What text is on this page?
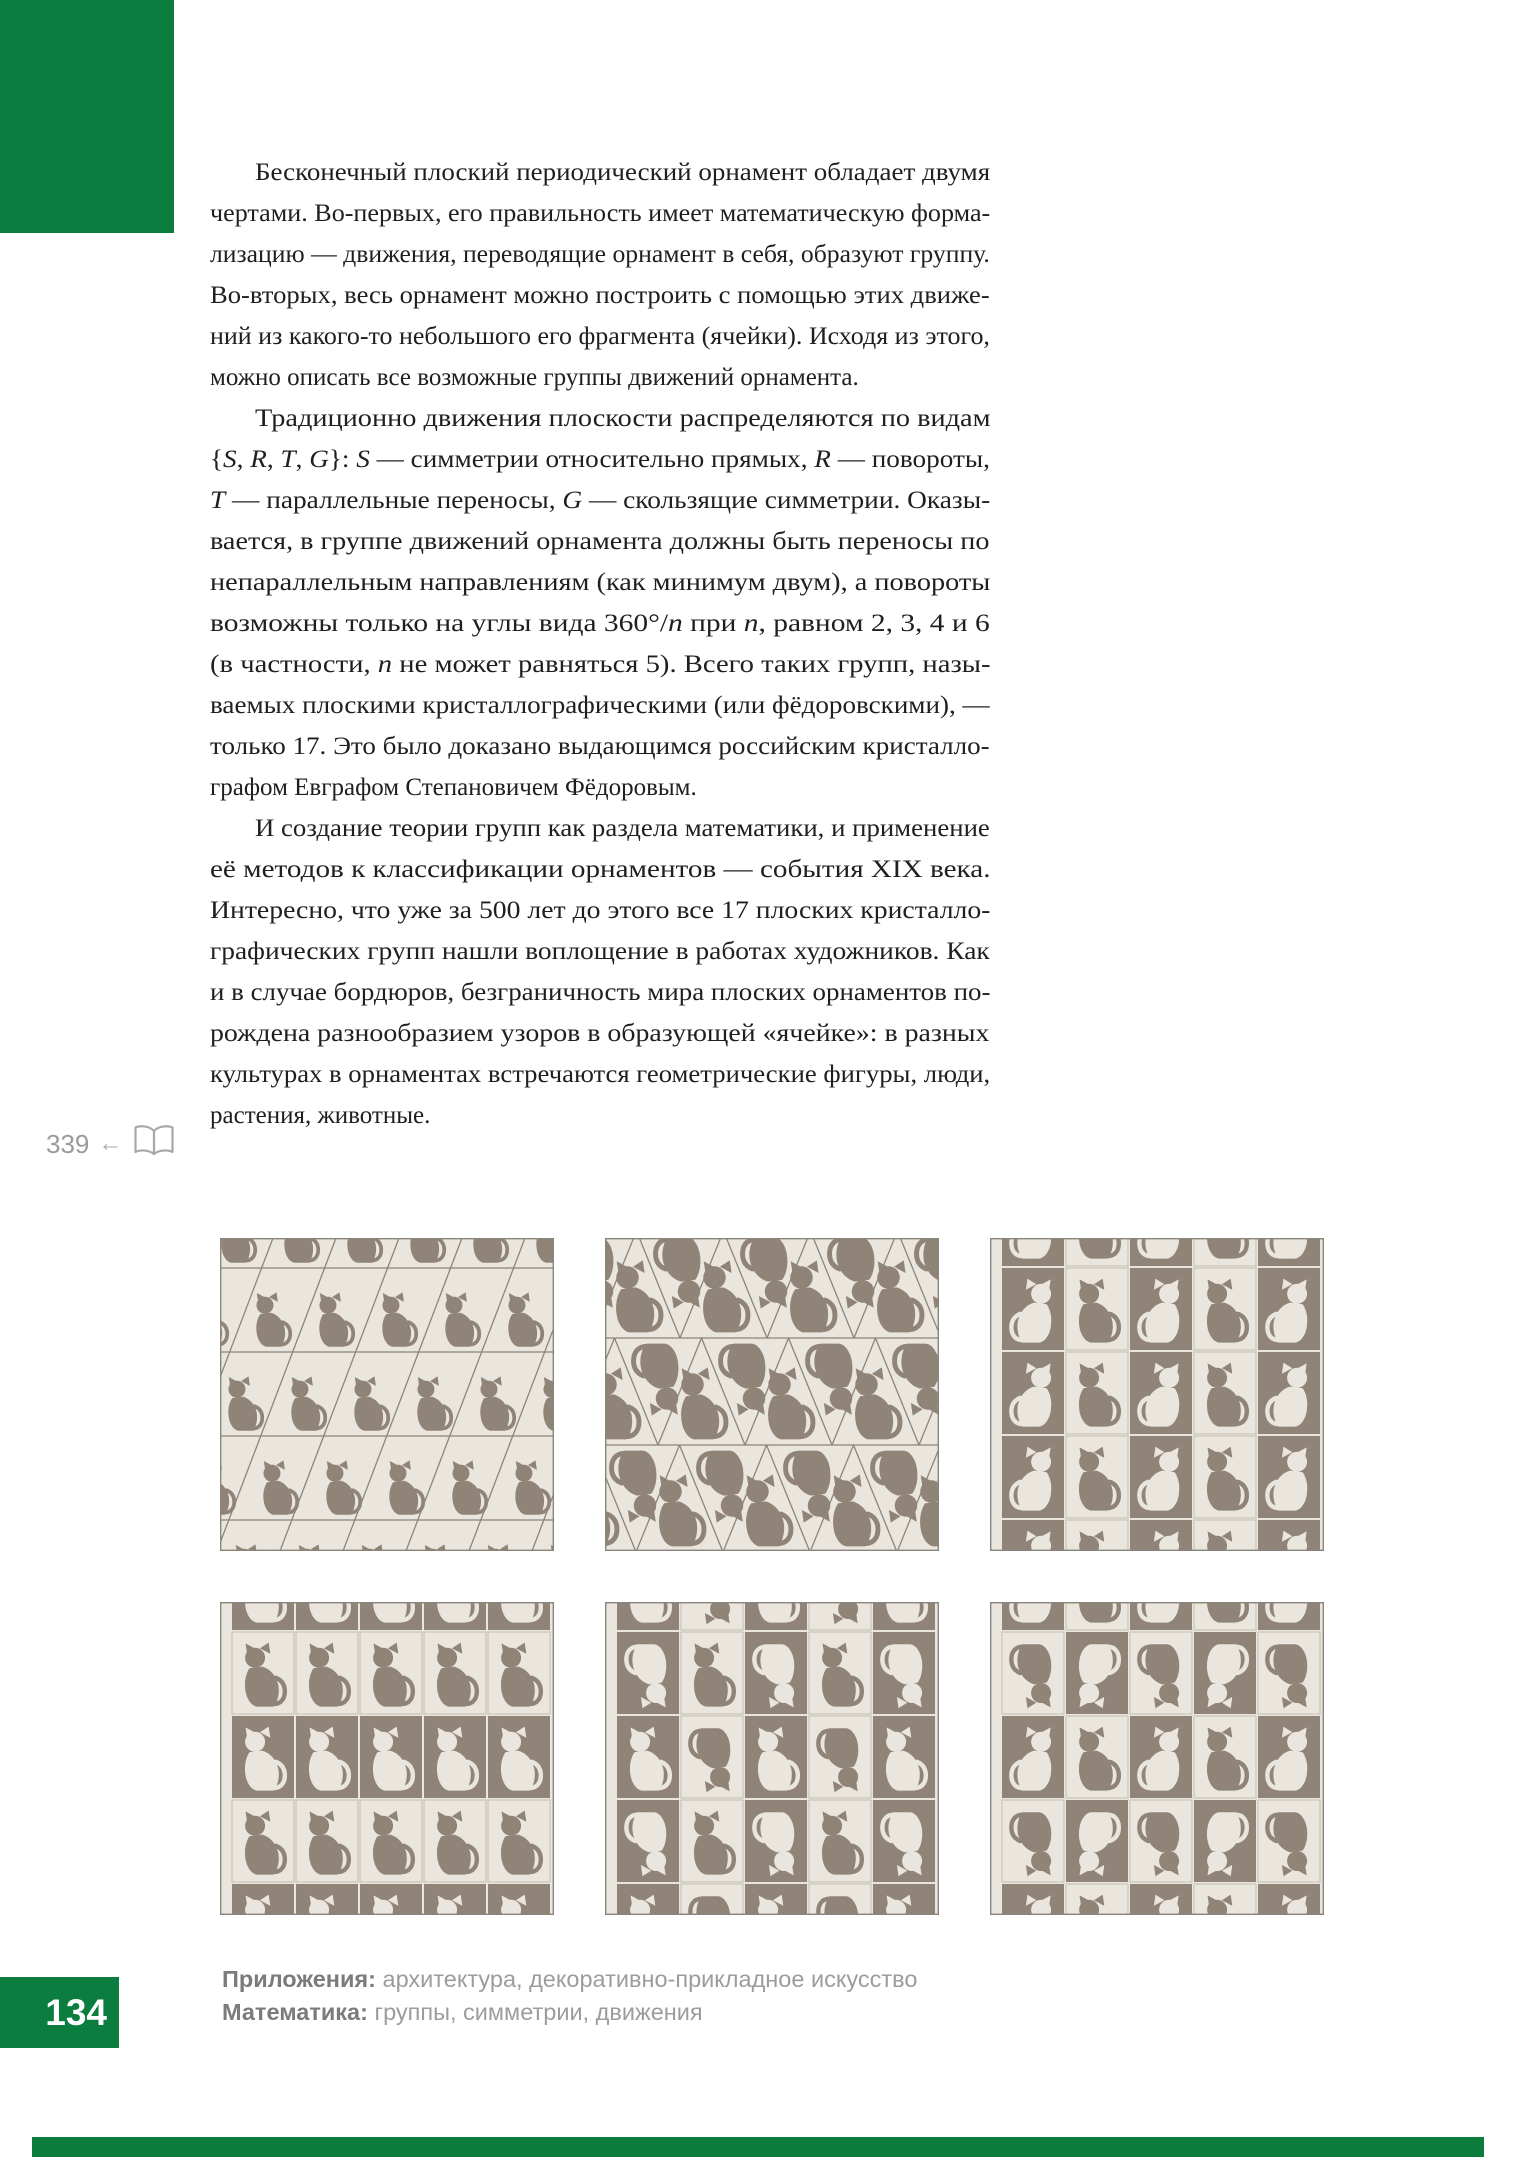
Бесконечный плоский периодический орнамент обладает двумя
чертами. Во-первых, его правильность имеет математическую форма-
лизацию — движения, переводящие орнамент в себя, образуют группу.
Во-вторых, весь орнамент можно построить с помощью этих движе-
ний из какого-то небольшого его фрагмента (ячейки). Исходя из этого,
можно описать все возможные группы движений орнамента.
Традиционно движения плоскости распределяются по видам
{S, R, T, G}: S — симметрии относительно прямых, R — повороты,
T — параллельные переносы, G — скользящие симметрии. Оказы-
вается, в группе движений орнамента должны быть переносы по
непараллельным направлениям (как минимум двум), а повороты
возможны только на углы вида 360°/n при n, равном 2, 3, 4 и 6
(в частности, n не может равняться 5). Всего таких групп, назы-
ваемых плоскими кристаллографическими (или фёдоровскими), —
только 17. Это было доказано выдающимся российским кристалло-
графом Евграфом Степановичем Фёдоровым.
И создание теории групп как раздела математики, и применение
её методов к классификации орнаментов — события XIX века.
Интересно, что уже за 500 лет до этого все 17 плоских кристалло-
графических групп нашли воплощение в работах художников. Как
и в случае бордюров, безграничность мира плоских орнаментов по-
рождена разнообразием узоров в образующей «ячейке»: в разных
культурах в орнаментах встречаются геометрические фигуры, люди,
растения, животные.
339 ←
134
Приложения: архитектура, декоративно-прикладное искусство
Математика: группы, симметрии, движения
